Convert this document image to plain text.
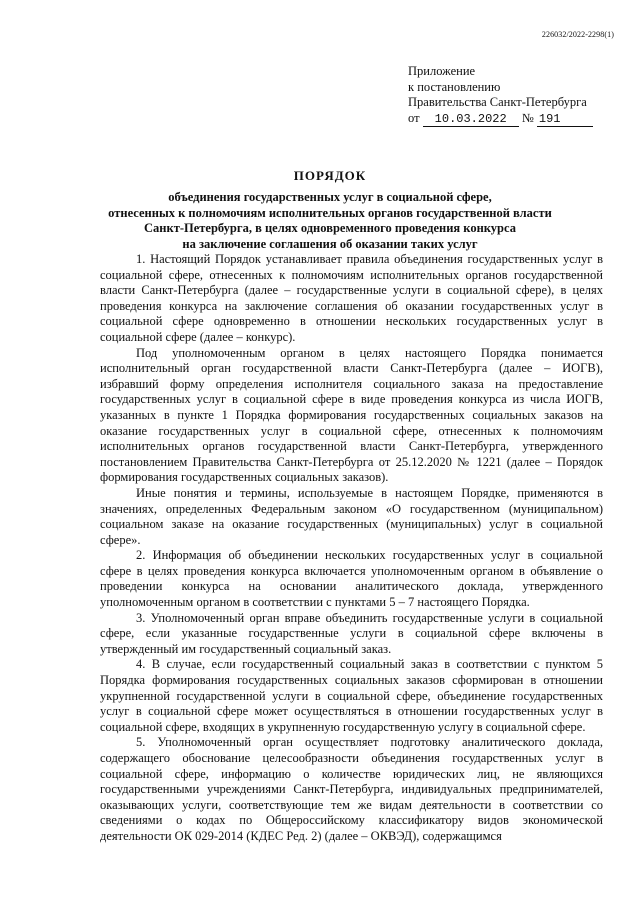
226032/2022-2298(1)
Приложение
к постановлению
Правительства Санкт-Петербурга
от 10.03.2022 № 191
ПОРЯДОК
объединения государственных услуг в социальной сфере,
отнесенных к полномочиям исполнительных органов государственной власти
Санкт-Петербурга, в целях одновременного проведения конкурса
на заключение соглашения об оказании таких услуг

1. Настоящий Порядок устанавливает правила объединения государственных услуг в социальной сфере, отнесенных к полномочиям исполнительных органов государственной власти Санкт-Петербурга (далее – государственные услуги в социальной сфере), в целях проведения конкурса на заключение соглашения об оказании государственных услуг в социальной сфере одновременно в отношении нескольких государственных услуг в социальной сфере (далее – конкурс).

Под уполномоченным органом в целях настоящего Порядка понимается исполнительный орган государственной власти Санкт-Петербурга (далее – ИОГВ), избравший форму определения исполнителя социального заказа на предоставление государственных услуг в социальной сфере в виде проведения конкурса из числа ИОГВ, указанных в пункте 1 Порядка формирования государственных социальных заказов на оказание государственных услуг в социальной сфере, отнесенных к полномочиям исполнительных органов государственной власти Санкт-Петербурга, утвержденного постановлением Правительства Санкт-Петербурга от 25.12.2020 № 1221 (далее – Порядок формирования государственных социальных заказов).

Иные понятия и термины, используемые в настоящем Порядке, применяются в значениях, определенных Федеральным законом «О государственном (муниципальном) социальном заказе на оказание государственных (муниципальных) услуг в социальной сфере».

2. Информация об объединении нескольких государственных услуг в социальной сфере в целях проведения конкурса включается уполномоченным органом в объявление о проведении конкурса на основании аналитического доклада, утвержденного уполномоченным органом в соответствии с пунктами 5 – 7 настоящего Порядка.

3. Уполномоченный орган вправе объединить государственные услуги в социальной сфере, если указанные государственные услуги в социальной сфере включены в утвержденный им государственный социальный заказ.

4. В случае, если государственный социальный заказ в соответствии с пунктом 5 Порядка формирования государственных социальных заказов сформирован в отношении укрупненной государственной услуги в социальной сфере, объединение государственных услуг в социальной сфере может осуществляться в отношении государственных услуг в социальной сфере, входящих в укрупненную государственную услугу в социальной сфере.

5. Уполномоченный орган осуществляет подготовку аналитического доклада, содержащего обоснование целесообразности объединения государственных услуг в социальной сфере, информацию о количестве юридических лиц, не являющихся государственными учреждениями Санкт-Петербурга, индивидуальных предпринимателей, оказывающих услуги, соответствующие тем же видам деятельности в соответствии со сведениями о кодах по Общероссийскому классификатору видов экономической деятельности ОК 029-2014 (КДЕС Ред. 2) (далее – ОКВЭД), содержащимся
